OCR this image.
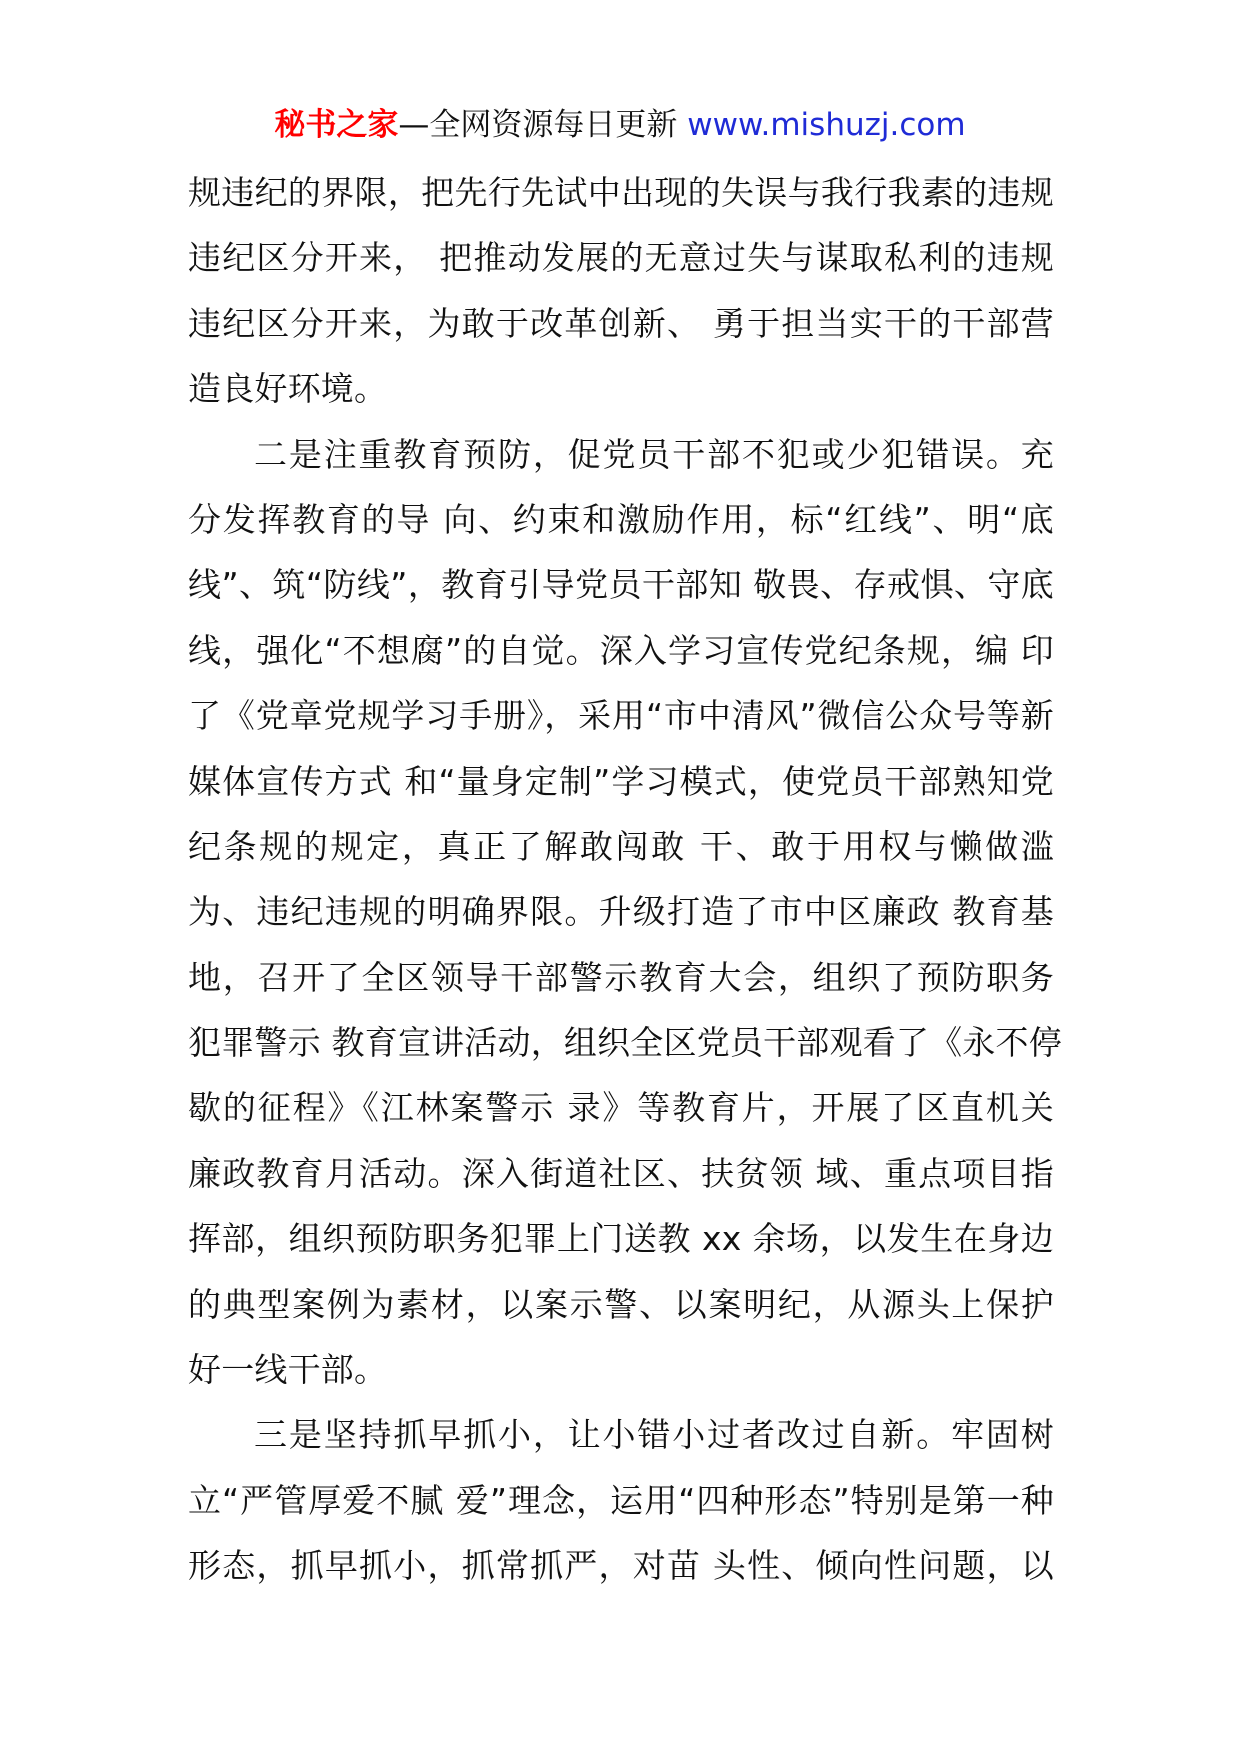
秘书之家—全网资源每日更新 www.mishuzj.com
规违纪的界限，把先行先试中出现的失误与我行我素的违规
违纪区分开来， 把推动发展的无意过失与谋取私利的违规
违纪区分开来，为敢于改革创新、 勇于担当实干的干部营
造良好环境。
二是注重教育预防，促党员干部不犯或少犯错误。充
分发挥教育的导 向、约束和激励作用，标“红线”、明“底
线”、筑“防线”，教育引导党员干部知 敬畏、存戒惧、守底
线，强化“不想腐”的自觉。深入学习宣传党纪条规，编 印
了《党章党规学习手册》，采用“市中清风”微信公众号等新
媒体宣传方式 和“量身定制”学习模式，使党员干部熟知党
纪条规的规定，真正了解敢闯敢 干、敢于用权与懒做滥
为、违纪违规的明确界限。升级打造了市中区廉政 教育基
地，召开了全区领导干部警示教育大会，组织了预防职务
犯罪警示 教育宣讲活动，组织全区党员干部观看了《永不停
歇的征程》《江林案警示 录》等教育片，开展了区直机关
廉政教育月活动。深入街道社区、扶贫领 域、重点项目指
挥部，组织预防职务犯罪上门送教 xx 余场，以发生在身边
的典型案例为素材，以案示警、以案明纪，从源头上保护
好一线干部。
三是坚持抓早抓小，让小错小过者改过自新。牢固树
立“严管厚爱不腻 爱”理念，运用“四种形态”特别是第一种
形态，抓早抓小，抓常抓严，对苗 头性、倾向性问题，以
